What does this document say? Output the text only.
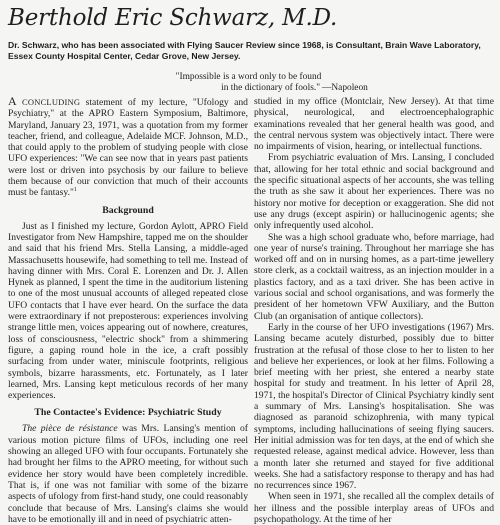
Berthold Eric Schwarz, M.D.
Dr. Schwarz, who has been associated with Flying Saucer Review since 1968, is Consultant, Brain Wave Laboratory, Essex County Hospital Center, Cedar Grove, New Jersey.
"Impossible is a word only to be found
in the dictionary of fools." —Napoleon

A CONCLUDING statement of my lecture, "Ufology and Psychiatry," at the APRO Eastern Symposium, Baltimore, Maryland, January 23, 1971, was a quotation from my former teacher, friend, and colleague, Adelaide MCF. Johnson, M.D., that could apply to the problem of studying people with close UFO experiences: "We can see now that in years past patients were lost or driven into psychosis by our failure to believe them because of our conviction that much of their accounts must be fantasy."$^1$

Background

Just as I finished my lecture, Gordon Aylott, APRO Field Investigator from New Hampshire, tapped me on the shoulder and said that his friend Mrs. Stella Lansing, a middle-aged Massachusetts housewife, had something to tell me. Instead of having dinner with Mrs. Coral E. Lorenzen and Dr. J. Allen Hynek as planned, I spent the time in the auditorium listening to one of the most unusual accounts of alleged repeated close UFO contacts that I have ever heard. On the surface the data were extraordinary if not preposterous: experiences involving strange little men, voices appearing out of nowhere, creatures, loss of consciousness, "electric shock" from a shimmering figure, a gaping round hole in the ice, a craft possibly surfacing from under water, miniscule footprints, religious symbols, bizarre harassments, etc. Fortunately, as I later learned, Mrs. Lansing kept meticulous records of her many experiences.

The Contactee's Evidence: Psychiatric Study

The pièce de résistance was Mrs. Lansing's mention of various motion picture films of UFOs, including one reel showing an alleged UFO with four occupants. Fortunately she had brought her films to the APRO meeting, for without such evidence her story would have been completely incredible. That is, if one was not familiar with some of the bizarre aspects of ufology from first-hand study, one could reasonably conclude that because of Mrs. Lansing's claims she would have to be emotionally ill and in need of psychiatric atten-

studied in my office (Montclair, New Jersey). At that time physical, neurological, and electroencephalographic examinations revealed that her general health was good, and the central nervous system was objectively intact. There were no impairments of vision, hearing, or intellectual functions.

From psychiatric evaluation of Mrs. Lansing, I concluded that, allowing for her total ethnic and social background and the specific situational aspects of her accounts, she was telling the truth as she saw it about her experiences. There was no history nor motive for deception or exaggeration. She did not use any drugs (except aspirin) or hallucinogenic agents; she only infrequently used alcohol.

She was a high school graduate who, before marriage, had one year of nurse's training. Throughout her marriage she has worked off and on in nursing homes, as a part-time jewellery store clerk, as a cocktail waitress, as an injection moulder in a plastics factory, and as a taxi driver. She has been active in various social and school organisations, and was formerly the president of her hometown VFW Auxiliary, and the Button Club (an organisation of antique collectors).

Early in the course of her UFO investigations (1967) Mrs. Lansing became acutely disturbed, possibly due to bitter frustration at the refusal of those close to her to listen to her and believe her experiences, or look at her films. Following a brief meeting with her priest, she entered a nearby state hospital for study and treatment. In his letter of April 28, 1971, the hospital's Director of Clinical Psychiatry kindly sent a summary of Mrs. Lansing's hospitalisation. She was diagnosed as paranoid schizophrenia, with many typical symptoms, including hallucinations of seeing flying saucers. Her initial admission was for ten days, at the end of which she requested release, against medical advice. However, less than a month later she returned and stayed for five additional weeks. She had a satisfactory response to therapy and has had no recurrences since 1967.

When seen in 1971, she recalled all the complex details of her illness and the possible interplay areas of UFOs and psychopathology. At the time of her
